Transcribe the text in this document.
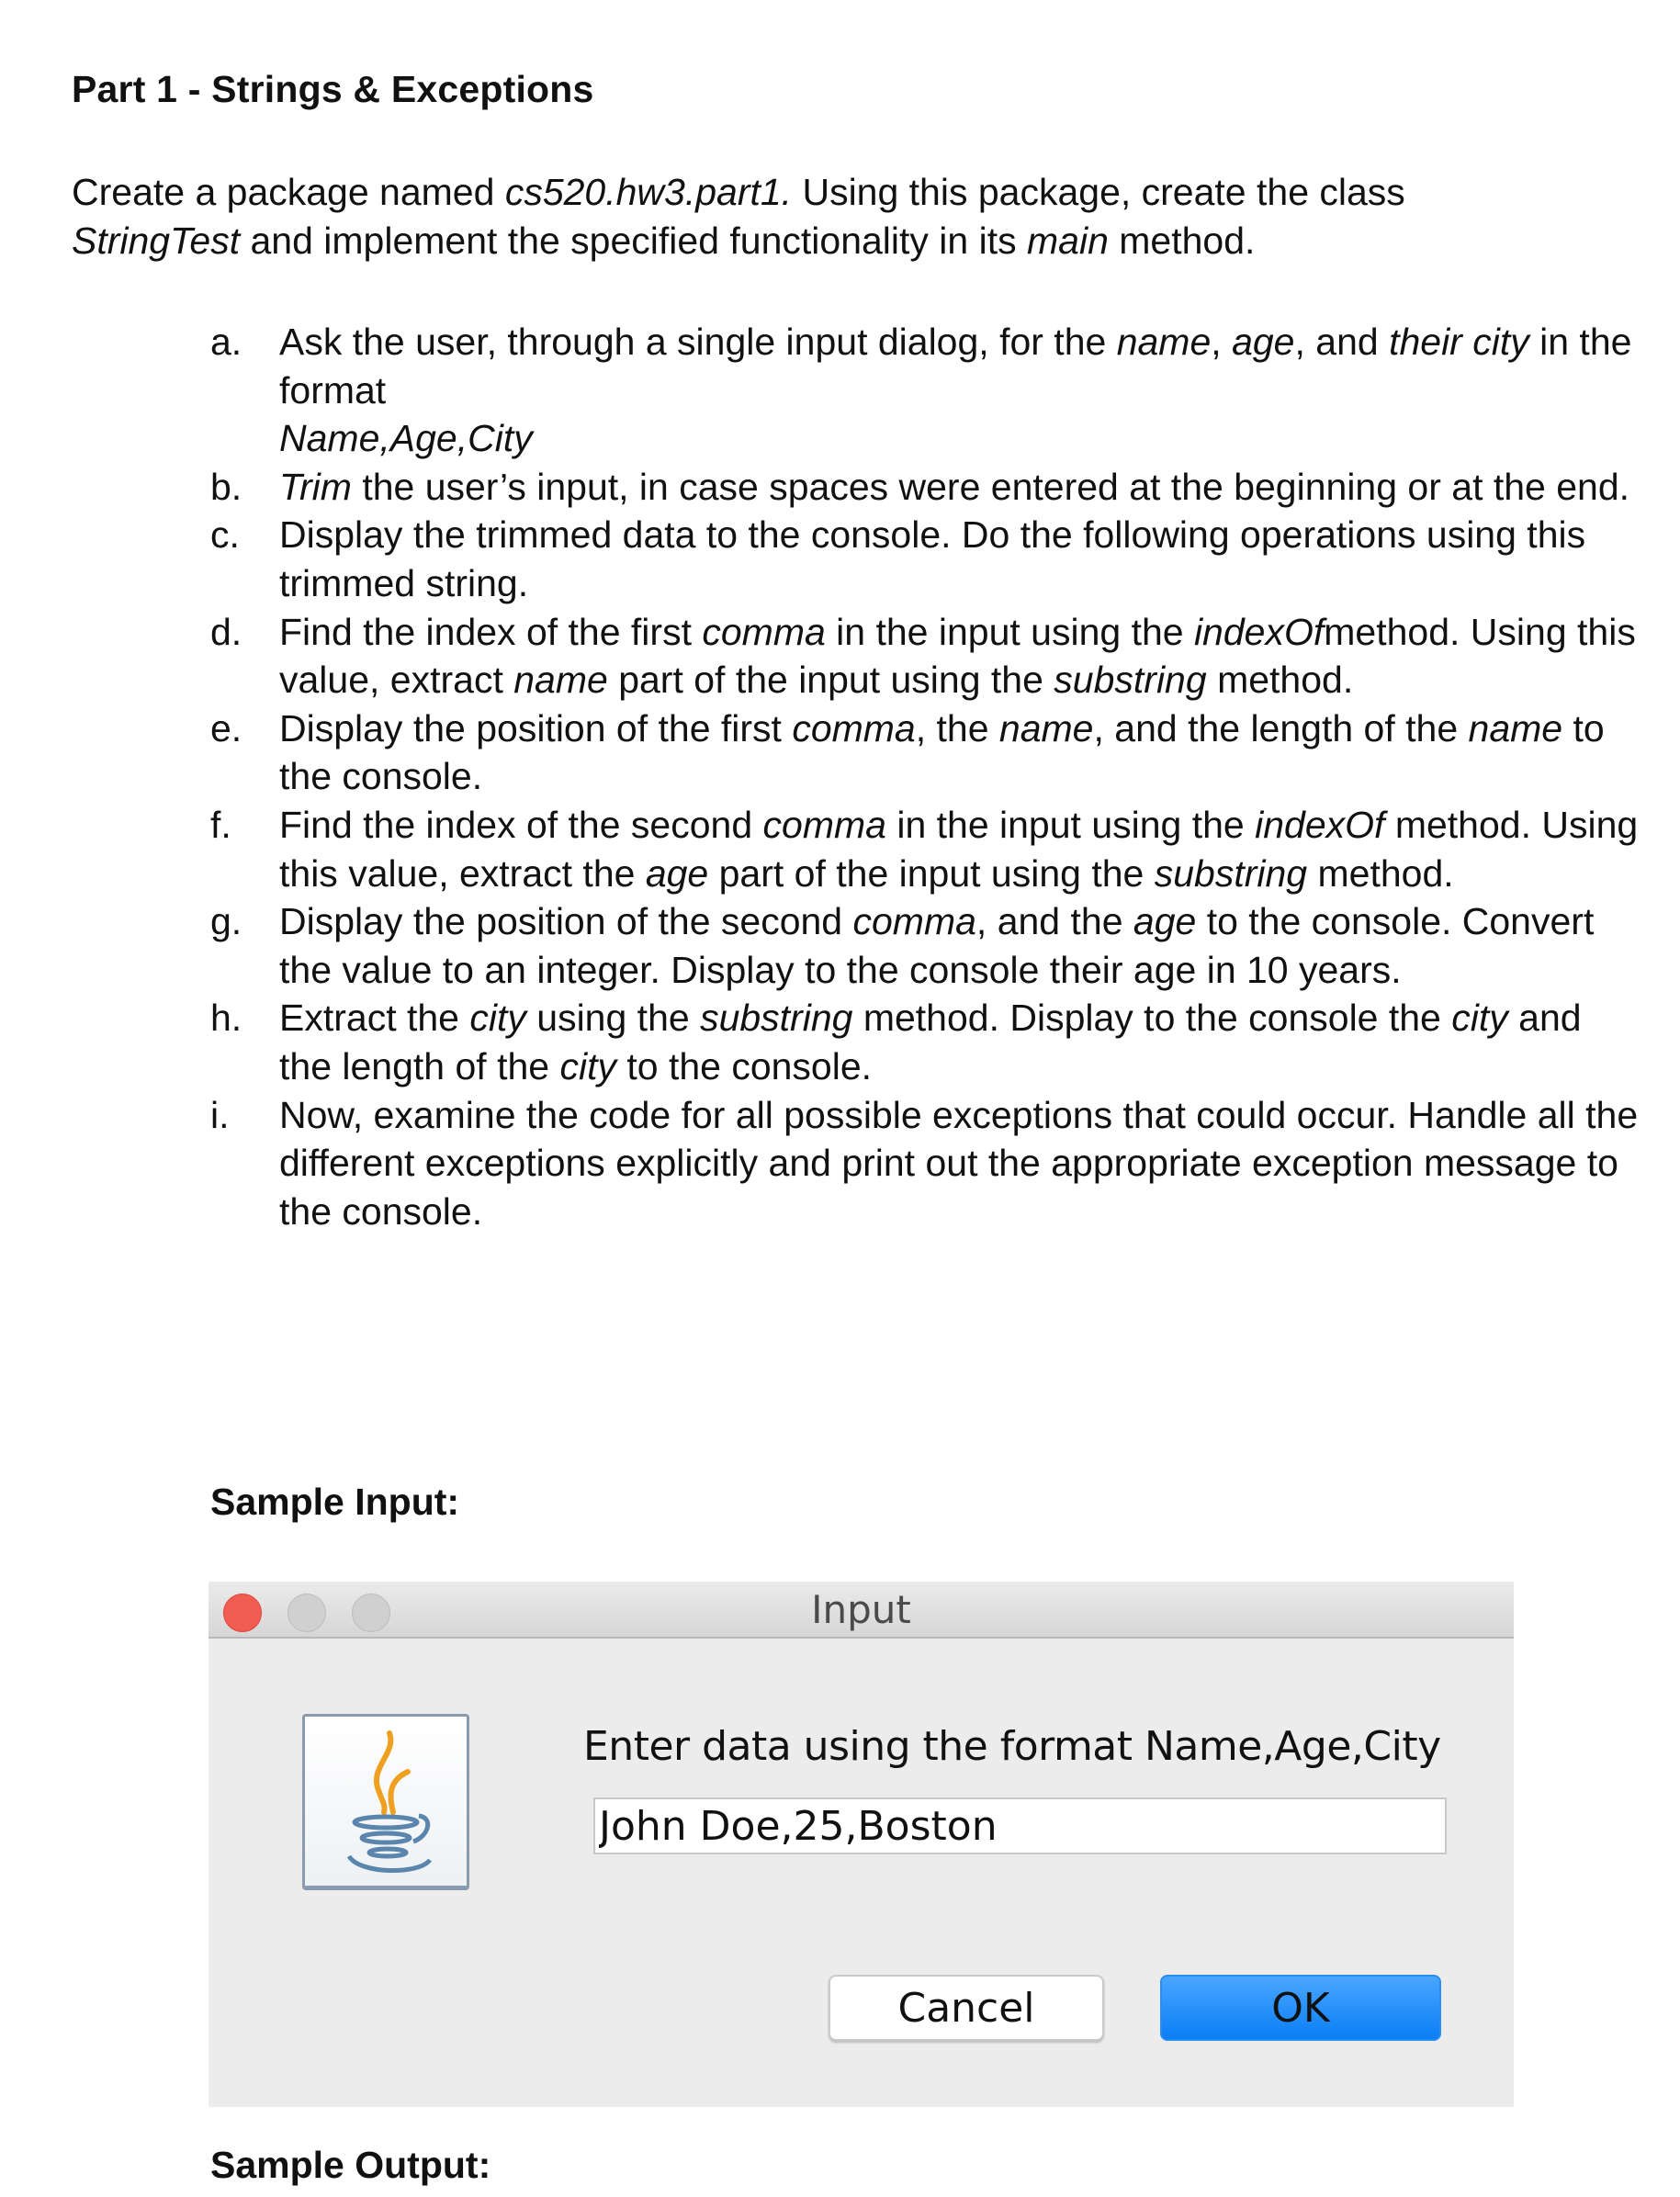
Part 1 - Strings & Exceptions
Create a package named cs520.hw3.part1. Using this package, create the class
StringTest and implement the specified functionality in its main method.
a. Ask the user, through a single input dialog, for the name, age, and their city in the format
Name,Age,City
b. Trim the user’s input, in case spaces were entered at the beginning or at the end.
c. Display the trimmed data to the console. Do the following operations using this trimmed string.
d. Find the index of the first comma in the input using the indexOfmethod. Using this value, extract name part of the input using the substring method.
e. Display the position of the first comma, the name, and the length of the name to the console.
f. Find the index of the second comma in the input using the indexOf method. Using this value, extract the age part of the input using the substring method.
g. Display the position of the second comma, and the age to the console. Convert the value to an integer. Display to the console their age in 10 years.
h. Extract the city using the substring method. Display to the console the city and the length of the city to the console.
i. Now, examine the code for all possible exceptions that could occur. Handle all the different exceptions explicitly and print out the appropriate exception message to the console.
Sample Input:
Input
Enter data using the format Name,Age,City
John Doe,25,Boston
Cancel	OK
Sample Output:
